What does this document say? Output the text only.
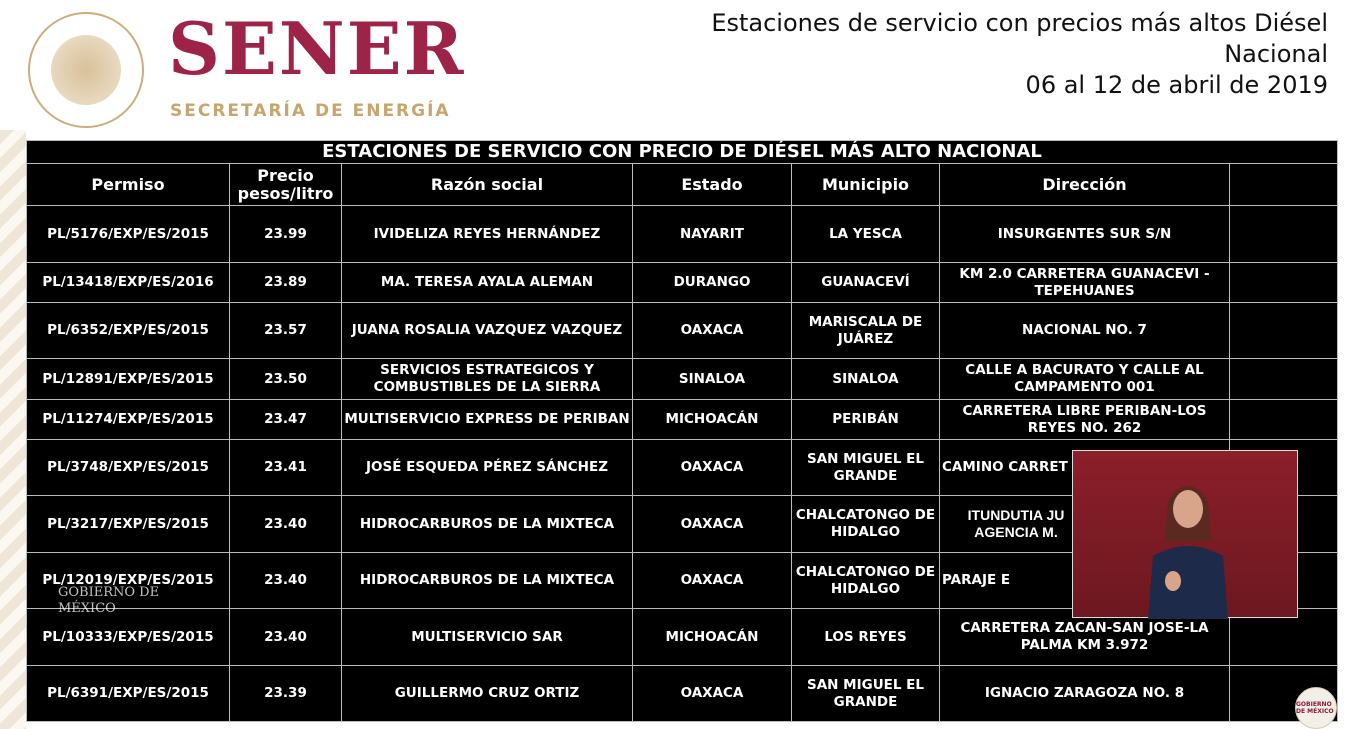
SENER
SECRETARÍA DE ENERGÍA
Estaciones de servicio con precios más altos Diésel
Nacional
06 al 12 de abril de 2019
ESTACIONES DE SERVICIO CON PRECIO DE DIÉSEL MÁS ALTO NACIONAL						
Permiso	Precio pesos/litro	Razón social	Estado	Municipio	Dirección	
PL/5176/EXP/ES/2015	23.99	IVIDELIZA REYES HERNÁNDEZ	NAYARIT	LA YESCA	INSURGENTES SUR S/N	
PL/13418/EXP/ES/2016	23.89	MA. TERESA AYALA ALEMAN	DURANGO	GUANACEVÍ	KM 2.0 CARRETERA GUANACEVI - TEPEHUANES	
PL/6352/EXP/ES/2015	23.57	JUANA ROSALIA VAZQUEZ VAZQUEZ	OAXACA	MARISCALA DE JUÁREZ	NACIONAL NO. 7	
PL/12891/EXP/ES/2015	23.50	SERVICIOS ESTRATEGICOS Y COMBUSTIBLES DE LA SIERRA	SINALOA	SINALOA	CALLE A BACURATO Y CALLE AL CAMPAMENTO 001	
PL/11274/EXP/ES/2015	23.47	MULTISERVICIO EXPRESS DE PERIBAN	MICHOACÁN	PERIBÁN	CARRETERA LIBRE PERIBAN-LOS REYES NO. 262	
PL/3748/EXP/ES/2015	23.41	JOSÉ ESQUEDA PÉREZ SÁNCHEZ	OAXACA	SAN MIGUEL EL GRANDE	CAMINO CARRET	
PL/3217/EXP/ES/2015	23.40	HIDROCARBUROS DE LA MIXTECA	OAXACA	CHALCATONGO DE HIDALGO	ITUNDUTIA JU AGENCIA M.	
PL/12019/EXP/ES/2015	23.40	HIDROCARBUROS DE LA MIXTECA	OAXACA	CHALCATONGO DE HIDALGO	PARAJE E	
PL/10333/EXP/ES/2015	23.40	MULTISERVICIO SAR	MICHOACÁN	LOS REYES	CARRETERA ZACAN-SAN JOSE-LA PALMA KM 3.972	
PL/6391/EXP/ES/2015	23.39	GUILLERMO CRUZ ORTIZ	OAXACA	SAN MIGUEL EL GRANDE	IGNACIO ZARAGOZA NO. 8	
GOBIERNO DE
MÉXICO
GOBIERNO DE MÉXICO
